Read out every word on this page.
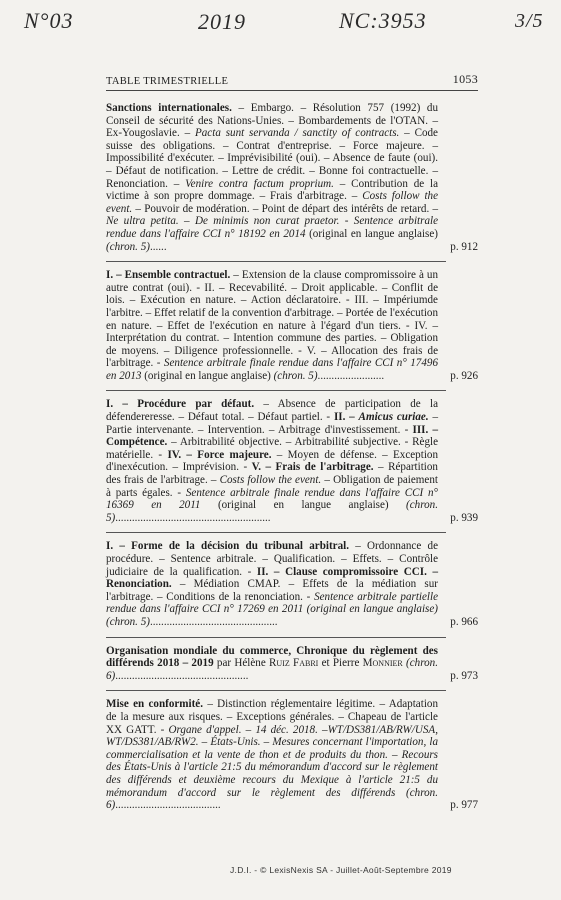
N°03	2019	NC:3953	3/5
TABLE TRIMESTRIELLE	1053
Sanctions internationales. – Embargo. – Résolution 757 (1992) du Conseil de sécurité des Nations-Unies. – Bombardements de l'OTAN. – Ex-Yougoslavie. – Pacta sunt servanda / sanctity of contracts. – Code suisse des obligations. – Contrat d'entreprise. – Force majeure. – Impossibilité d'exécuter. – Imprévisibilité (oui). – Absence de faute (oui). – Défaut de notification. – Lettre de crédit. – Bonne foi contractuelle. – Renonciation. – Venire contra factum proprium. – Contribution de la victime à son propre dommage. – Frais d'arbitrage. – Costs follow the event. – Pouvoir de modération. – Point de départ des intérêts de retard. – Ne ultra petita. – De minimis non curat praetor. - Sentence arbitrale rendue dans l'affaire CCI n° 18192 en 2014 (original en langue anglaise) (chron. 5)......	p. 912
I. – Ensemble contractuel. – Extension de la clause compromissoire à un autre contrat (oui). - II. – Recevabilité. – Droit applicable. – Conflit de lois. – Exécution en nature. – Action déclaratoire. - III. – Impériumde l'arbitre. – Effet relatif de la convention d'arbitrage. – Portée de l'exécution en nature. – Effet de l'exécution en nature à l'égard d'un tiers. - IV. – Interprétation du contrat. – Intention commune des parties. – Obligation de moyens. – Diligence professionnelle. - V. – Allocation des frais de l'arbitrage. - Sentence arbitrale finale rendue dans l'affaire CCI n° 17496 en 2013 (original en langue anglaise) (chron. 5)........................	p. 926
I. – Procédure par défaut. – Absence de participation de la défendereresse. – Défaut total. – Défaut partiel. - II. – Amicus curiae. – Partie intervenante. – Intervention. – Arbitrage d'investissement. - III. – Compétence. – Arbitrabilité objective. – Arbitrabilité subjective. - Règle matérielle. - IV. – Force majeure. – Moyen de défense. – Exception d'inexécution. – Imprévision. - V. – Frais de l'arbitrage. – Répartition des frais de l'arbitrage. – Costs follow the event. – Obligation de paiement à parts égales. - Sentence arbitrale finale rendue dans l'affaire CCI n° 16369 en 2011 (original en langue anglaise) (chron. 5)........................................................	p. 939
I. – Forme de la décision du tribunal arbitral. – Ordonnance de procédure. – Sentence arbitrale. – Qualification. – Effets. – Contrôle judiciaire de la qualification. - II. – Clause compromissoire CCI. – Renonciation. – Médiation CMAP. – Effets de la médiation sur l'arbitrage. – Conditions de la renonciation. - Sentence arbitrale partielle rendue dans l'affaire CCI n° 17269 en 2011 (original en langue anglaise) (chron. 5)..............................................	p. 966
Organisation mondiale du commerce, Chronique du règlement des différends 2018 – 2019 par Hélène Ruiz Fabri et Pierre Monnier (chron. 6)................................................	p. 973
Mise en conformité. – Distinction réglementaire légitime. – Adaptation de la mesure aux risques. – Exceptions générales. – Chapeau de l'article XX GATT. - Organe d'appel. – 14 déc. 2018. –WT/DS381/AB/RW/USA, WT/DS381/AB/RW2. – États-Unis. – Mesures concernant l'importation, la commercialisation et la vente de thon et de produits du thon. – Recours des États-Unis à l'article 21:5 du mémorandum d'accord sur le règlement des différends et deuxième recours du Mexique à l'article 21:5 du mémorandum d'accord sur le règlement des différends (chron. 6)......................................	p. 977
J.D.I. - © LexisNexis SA - Juillet-Août-Septembre 2019
